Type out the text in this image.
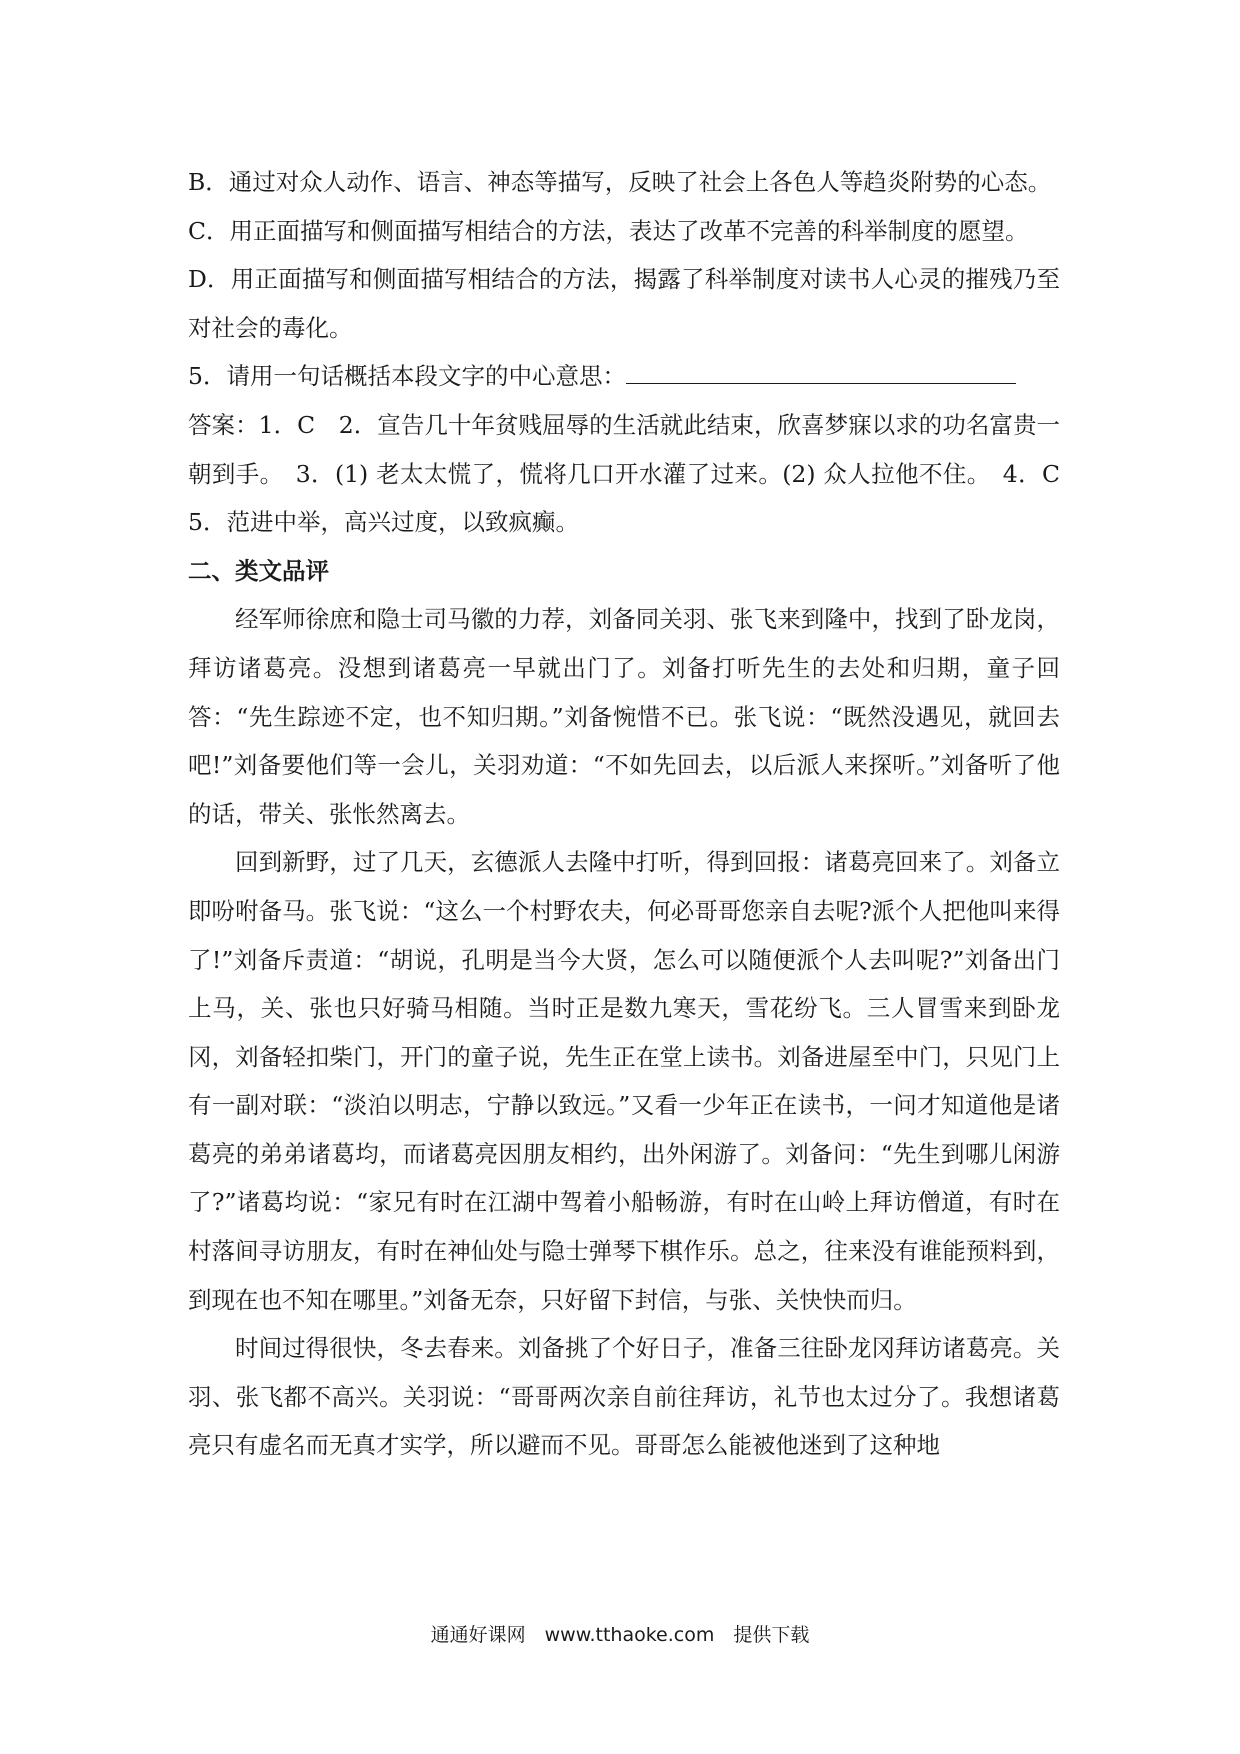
B．通过对众人动作、语言、神态等描写，反映了社会上各色人等趋炎附势的心态。

C．用正面描写和侧面描写相结合的方法，表达了改革不完善的科举制度的愿望。

D．用正面描写和侧面描写相结合的方法，揭露了科举制度对读书人心灵的摧残乃至对社会的毒化。

5．请用一句话概括本段文字的中心意思：

答案：1．C　2．宣告几十年贫贱屈辱的生活就此结束，欣喜梦寐以求的功名富贵一朝到手。　3．(1) 老太太慌了，慌将几口开水灌了过来。(2) 众人拉他不住。　4．C　5．范进中举，高兴过度，以致疯癫。

二、类文品评

经军师徐庶和隐士司马徽的力荐，刘备同关羽、张飞来到隆中，找到了卧龙岗，拜访诸葛亮。没想到诸葛亮一早就出门了。刘备打听先生的去处和归期，童子回答：“先生踪迹不定，也不知归期。”刘备惋惜不已。张飞说：“既然没遇见，就回去吧!”刘备要他们等一会儿，关羽劝道：“不如先回去，以后派人来探听。”刘备听了他的话，带关、张怅然离去。

回到新野，过了几天，玄德派人去隆中打听，得到回报：诸葛亮回来了。刘备立即吩咐备马。张飞说：“这么一个村野农夫，何必哥哥您亲自去呢?派个人把他叫来得了!”刘备斥责道：“胡说，孔明是当今大贤，怎么可以随便派个人去叫呢?”刘备出门上马，关、张也只好骑马相随。当时正是数九寒天，雪花纷飞。三人冒雪来到卧龙冈，刘备轻扣柴门，开门的童子说，先生正在堂上读书。刘备进屋至中门，只见门上有一副对联：“淡泊以明志，宁静以致远。”又看一少年正在读书，一问才知道他是诸葛亮的弟弟诸葛均，而诸葛亮因朋友相约，出外闲游了。刘备问：“先生到哪儿闲游了?”诸葛均说：“家兄有时在江湖中驾着小船畅游，有时在山岭上拜访僧道，有时在村落间寻访朋友，有时在神仙处与隐士弹琴下棋作乐。总之，往来没有谁能预料到，到现在也不知在哪里。”刘备无奈，只好留下封信，与张、关快快而归。

时间过得很快，冬去春来。刘备挑了个好日子，准备三往卧龙冈拜访诸葛亮。关羽、张飞都不高兴。关羽说：“哥哥两次亲自前往拜访，礼节也太过分了。我想诸葛亮只有虚名而无真才实学，所以避而不见。哥哥怎么能被他迷到了这种地

通通好课网　www.tthaoke.com　提供下载
